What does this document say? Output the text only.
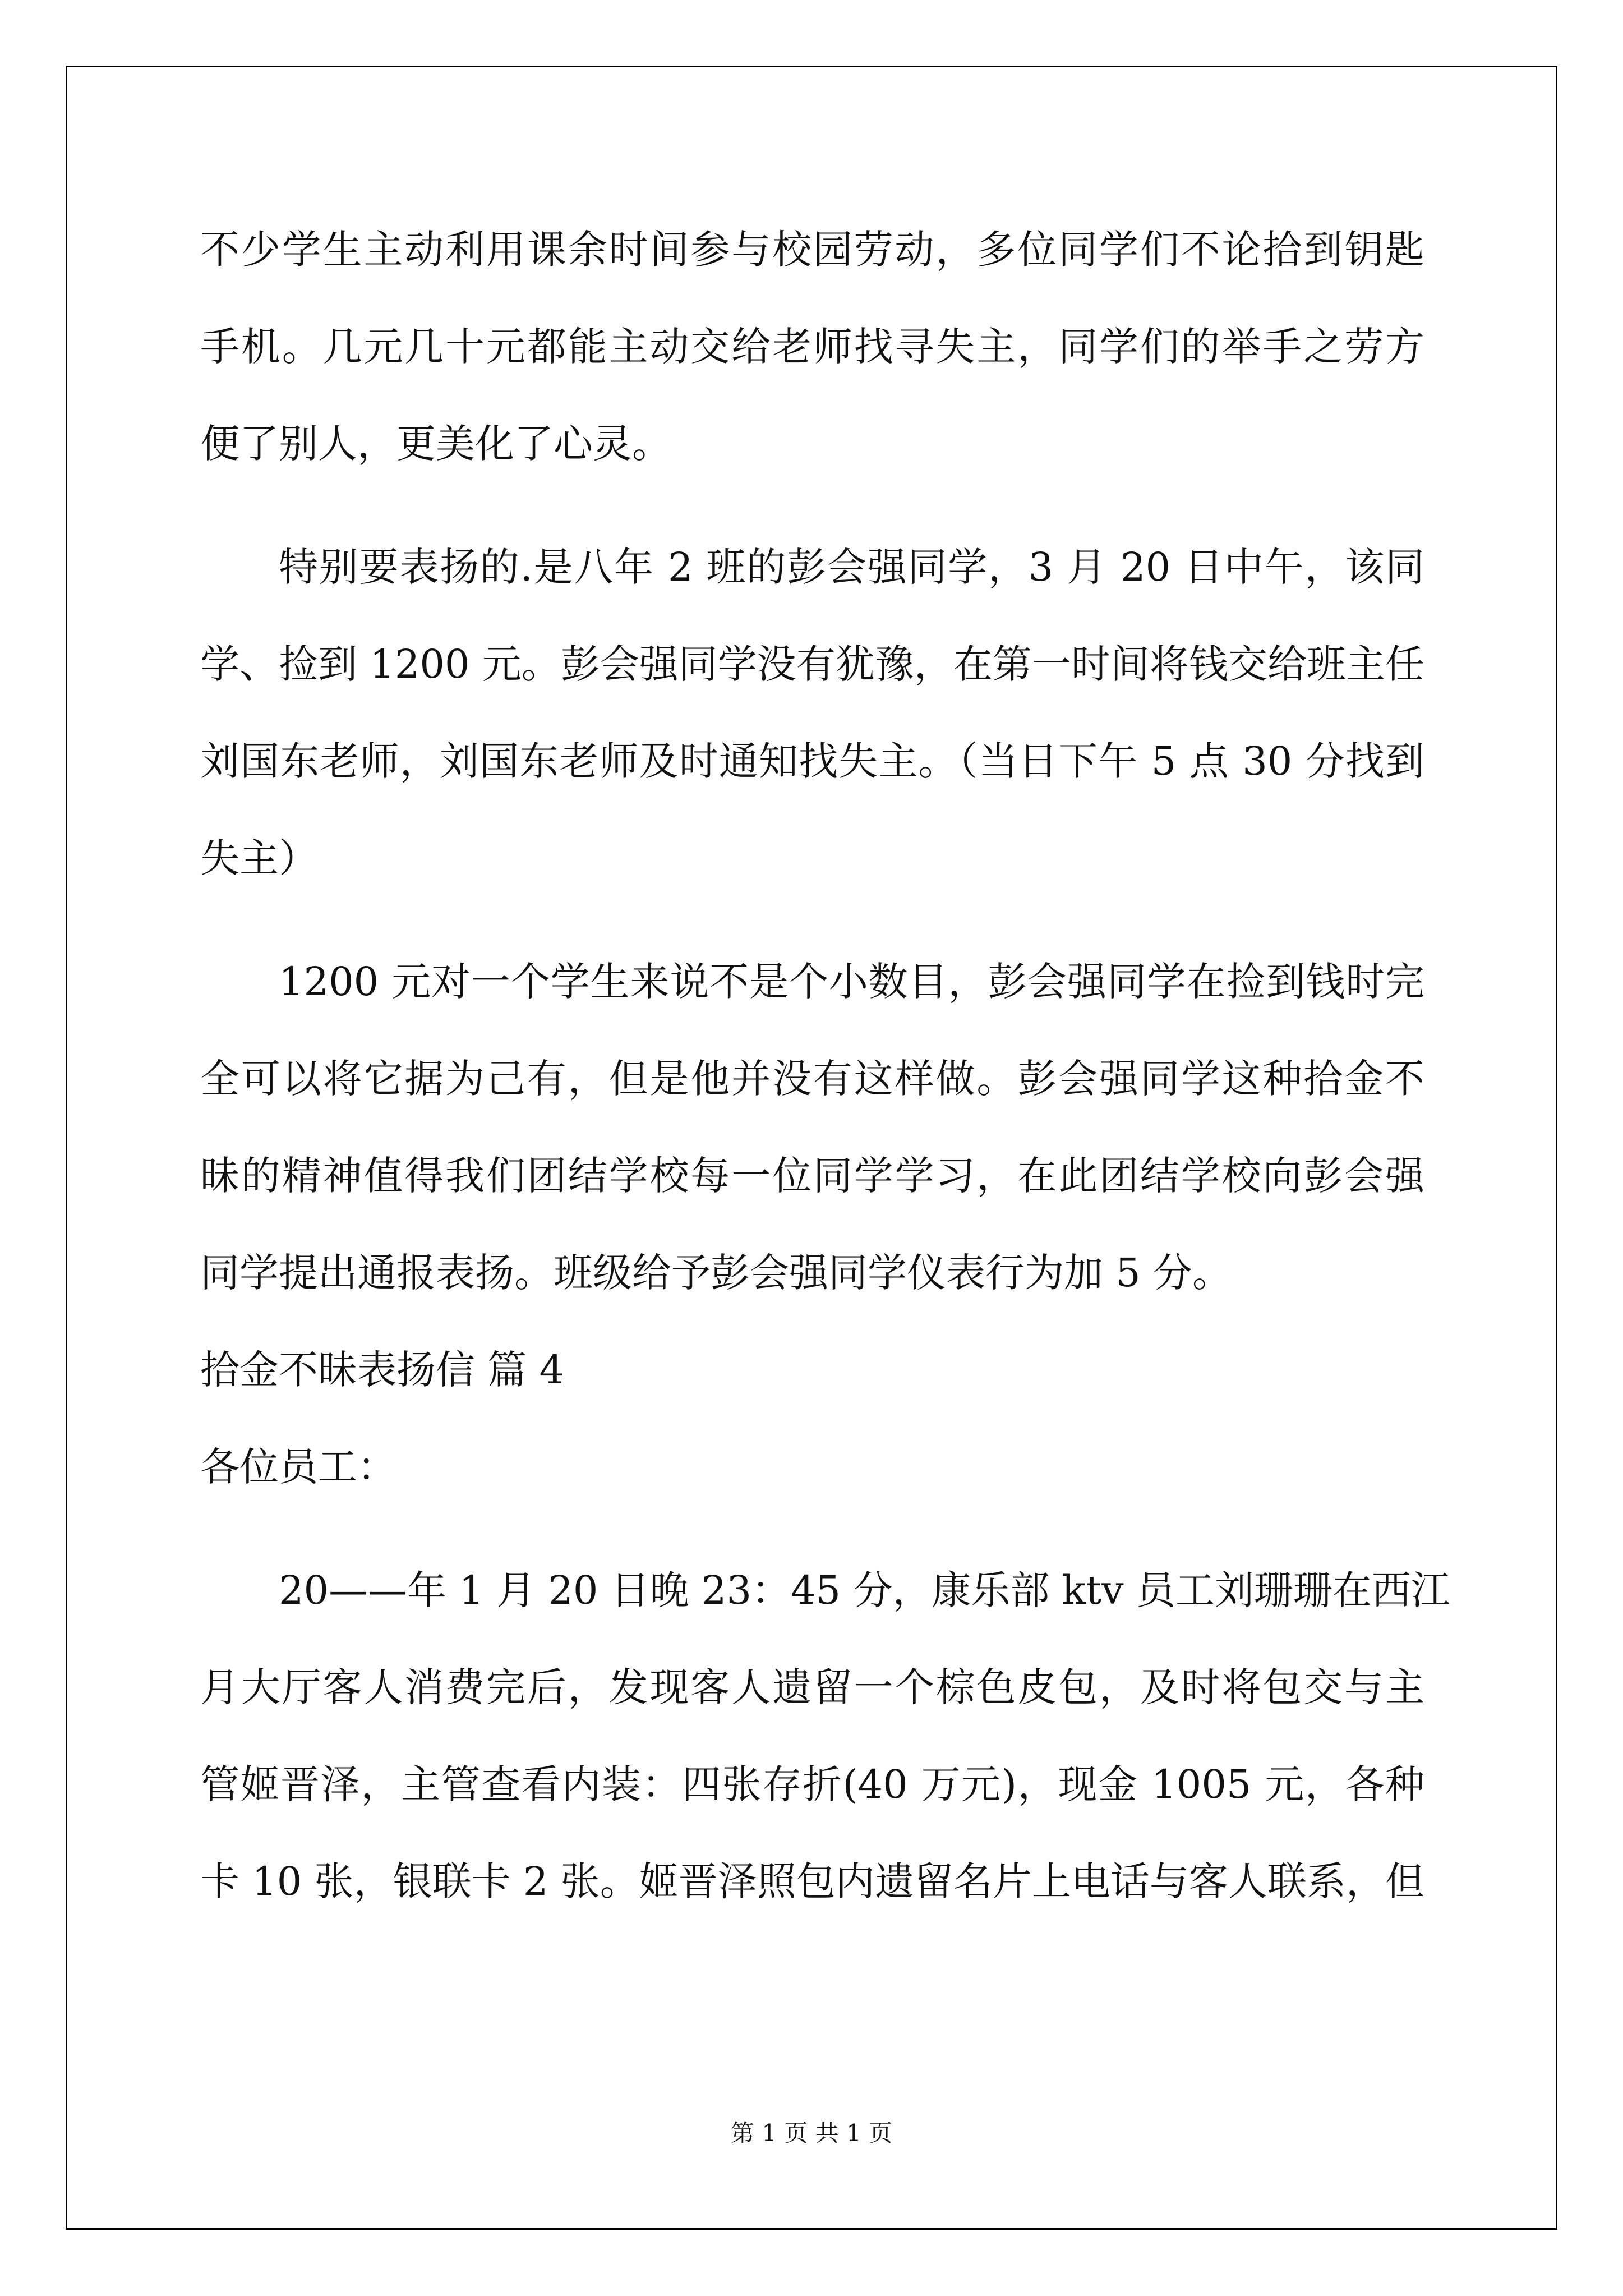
不少学生主动利用课余时间参与校园劳动，多位同学们不论拾到钥匙
手机。几元几十元都能主动交给老师找寻失主，同学们的举手之劳方
便了别人，更美化了心灵。
特别要表扬的.是八年 2 班的彭会强同学，3 月 20 日中午，该同
学、捡到 1200 元。彭会强同学没有犹豫，在第一时间将钱交给班主任
刘国东老师，刘国东老师及时通知找失主。（当日下午 5 点 30 分找到
失主）
1200 元对一个学生来说不是个小数目，彭会强同学在捡到钱时完
全可以将它据为己有，但是他并没有这样做。彭会强同学这种拾金不
昧的精神值得我们团结学校每一位同学学习，在此团结学校向彭会强
同学提出通报表扬。班级给予彭会强同学仪表行为加 5 分。
拾金不昧表扬信 篇 4
各位员工：
20——年 1 月 20 日晚 23：45 分，康乐部 ktv 员工刘珊珊在西江
月大厅客人消费完后，发现客人遗留一个棕色皮包，及时将包交与主
管姬晋泽，主管查看内装：四张存折(40 万元)，现金 1005 元，各种
卡 10 张，银联卡 2 张。姬晋泽照包内遗留名片上电话与客人联系，但
第 1 页 共 1 页
